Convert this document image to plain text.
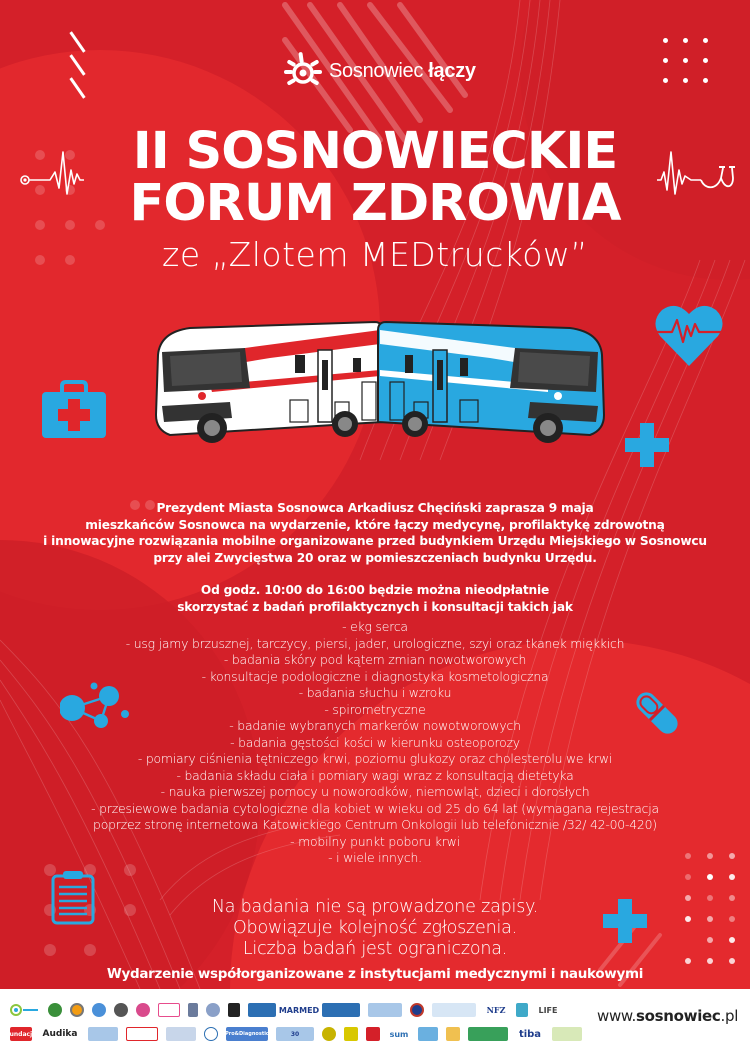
Sosnowiec łączy
II SOSNOWIECKIE
FORUM ZDROWIA
ze „Zlotem MEDtrucków”

Prezydent Miasta Sosnowca Arkadiusz Chęciński zaprasza 9 maja

mieszkańców Sosnowca na wydarzenie, które łączy medycynę, profilaktykę zdrowotną

i innowacyjne rozwiązania mobilne organizowane przed budynkiem Urzędu Miejskiego w Sosnowcu

przy alei Zwycięstwa 20 oraz w pomieszczeniach budynku Urzędu.

Od godz. 10:00 do 16:00 będzie można nieodpłatnie

skorzystać z badań profilaktycznych i konsultacji takich jak

- ekg serca
- usg jamy brzusznej, tarczycy, piersi, jader, urologiczne, szyi oraz tkanek miękkich
- badania skóry pod kątem zmian nowotworowych
- konsultacje podologiczne i diagnostyka kosmetologiczna
- badania słuchu i wzroku
- spirometryczne
- badanie wybranych markerów nowotworowych
- badania gęstości kości w kierunku osteoporozy
- pomiary ciśnienia tętniczego krwi, poziomu glukozy oraz cholesterolu we krwi
- badania składu ciała i pomiary wagi wraz z konsultacją dietetyka
- nauka pierwszej pomocy u noworodków, niemowląt, dzieci i dorosłych
- przesiewowe badania cytologiczne dla kobiet w wieku od 25 do 64 lat (wymagana rejestracja
poprzez stronę internetowa Katowickiego Centrum Onkologii lub telefonicznie /32/ 42-00-420)
- mobilny punkt poboru krwi
- i wiele innych.
Na badania nie są prowadzone zapisy.
Obowiązuje kolejność zgłoszenia.
Liczba badań jest ograniczona.
Wydarzenie współorganizowane z instytucjami medycznymi i naukowymi
MARMED	NFZ	LIFE
Fundacja Audika	Pro&Diagnostic	30	sum	tiba
www.sosnowiec.pl
